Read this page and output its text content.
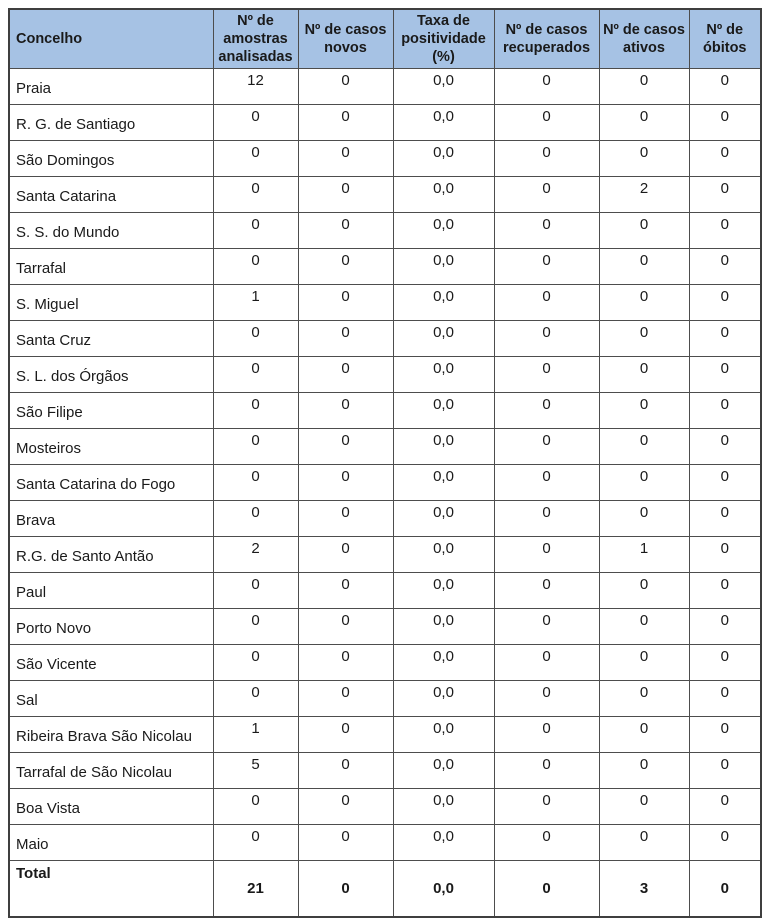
Concelho	Nº de amostras analisadas	Nº de casos novos	Taxa de positividade (%)	Nº de casos recuperados	Nº de casos ativos	Nº de óbitos
Praia	12	0	0,0	0	0	0
R. G. de Santiago	0	0	0,0	0	0	0
São Domingos	0	0	0,0	0	0	0
Santa Catarina	0	0	0,0	0	2	0
S. S. do Mundo	0	0	0,0	0	0	0
Tarrafal	0	0	0,0	0	0	0
S. Miguel	1	0	0,0	0	0	0
Santa Cruz	0	0	0,0	0	0	0
S. L. dos Órgãos	0	0	0,0	0	0	0
São Filipe	0	0	0,0	0	0	0
Mosteiros	0	0	0,0	0	0	0
Santa Catarina do Fogo	0	0	0,0	0	0	0
Brava	0	0	0,0	0	0	0
R.G. de Santo Antão	2	0	0,0	0	1	0
Paul	0	0	0,0	0	0	0
Porto Novo	0	0	0,0	0	0	0
São Vicente	0	0	0,0	0	0	0
Sal	0	0	0,0	0	0	0
Ribeira Brava São Nicolau	1	0	0,0	0	0	0
Tarrafal de São Nicolau	5	0	0,0	0	0	0
Boa Vista	0	0	0,0	0	0	0
Maio	0	0	0,0	0	0	0
Total	21	0	0,0	0	3	0
